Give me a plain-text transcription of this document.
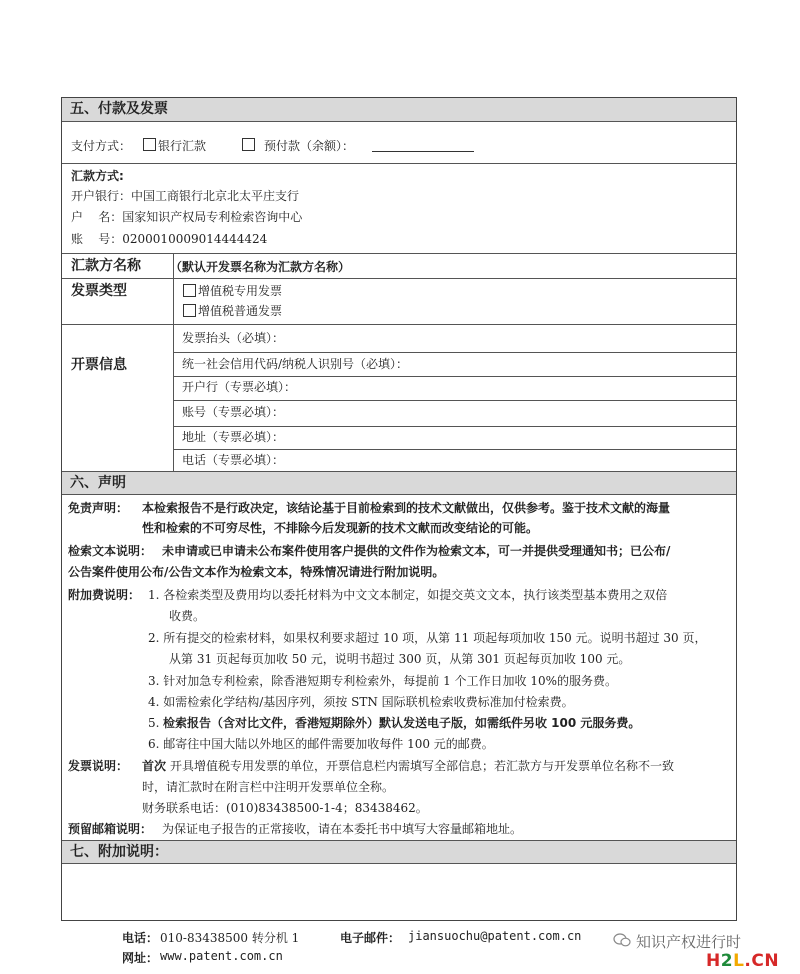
五、付款及发票
支付方式： 银行汇款	预付款（余额）：
汇款方式:
开户银行：中国工商银行北京北太平庄支行
户    名：国家知识产权局专利检索咨询中心
账    号：0200010009014444424
汇款方名称 （默认开发票名称为汇款方名称）
发票类型	增值税专用发票
增值税普通发票
开票信息
发票抬头（必填）：
统一社会信用代码/纳税人识别号（必填）：
开户行（专票必填）：
账号（专票必填）：
地址（专票必填）：
电话（专票必填）：
六、声明
免责声明： 本检索报告不是行政决定，该结论基于目前检索到的技术文献做出，仅供参考。鉴于技术文献的海量
性和检索的不可穷尽性，不排除今后发现新的技术文献而改变结论的可能。
检索文本说明： 未申请或已申请未公布案件使用客户提供的文件作为检索文本，可一并提供受理通知书；已公布/
公告案件使用公布/公告文本作为检索文本，特殊情况请进行附加说明。
附加费说明： 1. 各检索类型及费用均以委托材料为中文文本制定，如提交英文文本，执行该类型基本费用之双倍
收费。
2. 所有提交的检索材料，如果权利要求超过 10 项，从第 11 项起每项加收 150 元。说明书超过 30 页，
从第 31 页起每页加收 50 元，说明书超过 300 页，从第 301 页起每页加收 100 元。
3. 针对加急专利检索，除香港短期专利检索外，每提前 1 个工作日加收 10%的服务费。
4. 如需检索化学结构/基因序列，须按 STN 国际联机检索收费标准加付检索费。
5. 检索报告（含对比文件，香港短期除外）默认发送电子版，如需纸件另收 100 元服务费。
6. 邮寄往中国大陆以外地区的邮件需要加收每件 100 元的邮费。
发票说明： 首次 开具增值税专用发票的单位，开票信息栏内需填写全部信息；若汇款方与开发票单位名称不一致
时，请汇款时在附言栏中注明开发票单位全称。
财务联系电话：(010)83438500-1-4；83438462。
预留邮箱说明： 为保证电子报告的正常接收，请在本委托书中填写大容量邮箱地址。
七、附加说明：
电话： 010-83438500 转分机 1	电子邮件： jiansuochu@patent.com.cn
网址： www.patent.com.cn
知识产权进行时
H2L.CN
